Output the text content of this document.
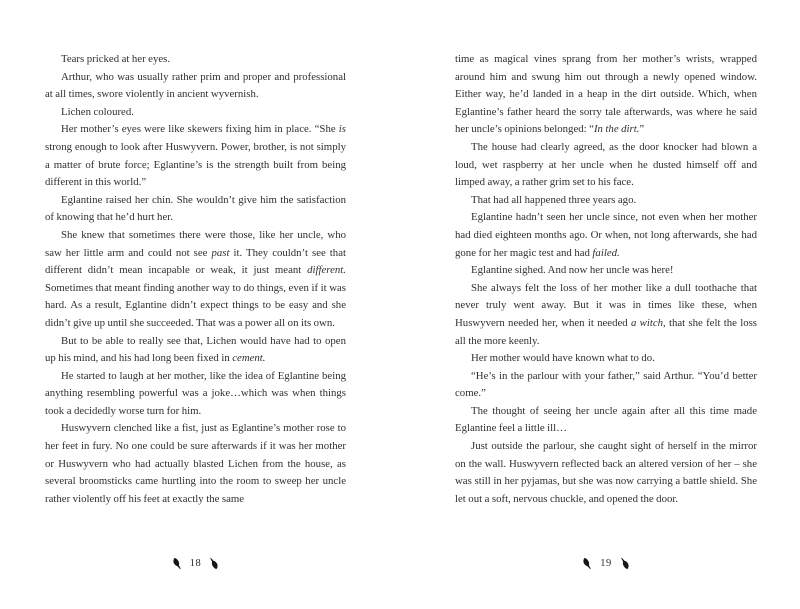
Tears pricked at her eyes.

Arthur, who was usually rather prim and proper and professional at all times, swore violently in ancient wyvernish.

Lichen coloured.

Her mother’s eyes were like skewers fixing him in place. “She is strong enough to look after Huswyvern. Power, brother, is not simply a matter of brute force; Eglantine’s is the strength built from being different in this world.”

Eglantine raised her chin. She wouldn’t give him the satisfaction of knowing that he’d hurt her.

She knew that sometimes there were those, like her uncle, who saw her little arm and could not see past it. They couldn’t see that different didn’t mean incapable or weak, it just meant different. Sometimes that meant finding another way to do things, even if it was hard. As a result, Eglantine didn’t expect things to be easy and she didn’t give up until she succeeded. That was a power all on its own.

But to be able to really see that, Lichen would have had to open up his mind, and his had long been fixed in cement.

He started to laugh at her mother, like the idea of Eglantine being anything resembling powerful was a joke…which was when things took a decidedly worse turn for him.

Huswyvern clenched like a fist, just as Eglantine’s mother rose to her feet in fury. No one could be sure afterwards if it was her mother or Huswyvern who had actually blasted Lichen from the house, as several broomsticks came hurtling into the room to sweep her uncle rather violently off his feet at exactly the same

18

time as magical vines sprang from her mother’s wrists, wrapped around him and swung him out through a newly opened window. Either way, he’d landed in a heap in the dirt outside. Which, when Eglantine’s father heard the sorry tale afterwards, was where he said her uncle’s opinions belonged: “In the dirt.”

The house had clearly agreed, as the door knocker had blown a loud, wet raspberry at her uncle when he dusted himself off and limped away, a rather grim set to his face.

That had all happened three years ago.

Eglantine hadn’t seen her uncle since, not even when her mother had died eighteen months ago. Or when, not long afterwards, she had gone for her magic test and had failed.

Eglantine sighed. And now her uncle was here!

She always felt the loss of her mother like a dull toothache that never truly went away. But it was in times like these, when Huswyvern needed her, when it needed a witch, that she felt the loss all the more keenly.

Her mother would have known what to do.

“He’s in the parlour with your father,” said Arthur. “You’d better come.”

The thought of seeing her uncle again after all this time made Eglantine feel a little ill…

Just outside the parlour, she caught sight of herself in the mirror on the wall. Huswyvern reflected back an altered version of her – she was still in her pyjamas, but she was now carrying a battle shield. She let out a soft, nervous chuckle, and opened the door.

19
